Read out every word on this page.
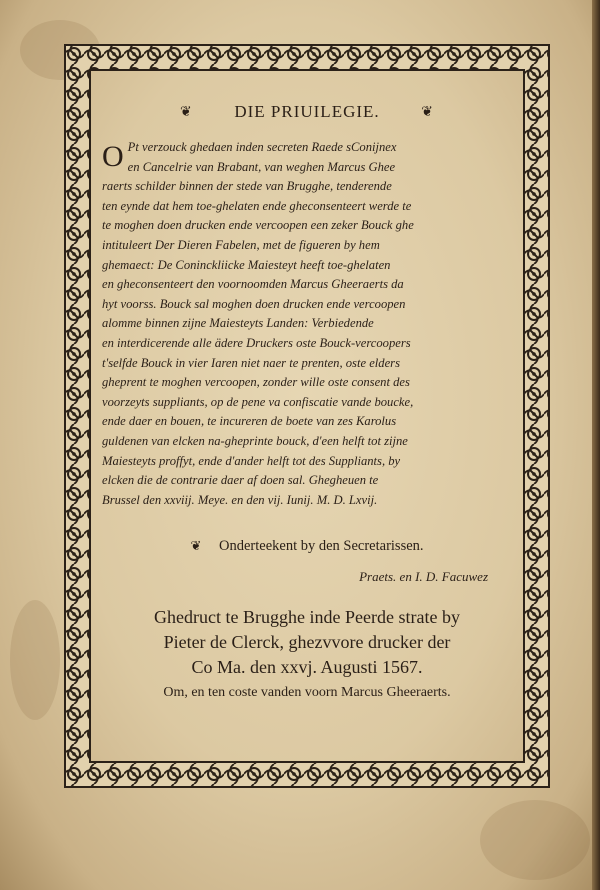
❦ DIE PRIUILEGIE.	❦
O Pt verzouck ghedaen inden secreten Raede sConijnex
en Cancelrie van Brabant, van weghen Marcus Ghee
raerts schilder binnen der stede van Brugghe, tenderende
ten eynde dat hem toe-ghelaten ende gheconsenteert werde te
te moghen doen drucken ende vercoopen een zeker Bouck ghe
intituleert Der Dieren Fabelen, met de figueren by hem
ghemaect: De Coninckliicke Maiesteyt heeft toe-ghelaten
en gheconsenteert den voornoomden Marcus Gheeraerts da
hyt voorss. Bouck sal moghen doen drucken ende vercoopen
alomme binnen zijne Maiesteyts Landen: Verbiedende
en interdicerende alle ädere Druckers oste Bouck-vercoopers
t'selfde Bouck in vier Iaren niet naer te prenten, oste elders
gheprent te moghen vercoopen, zonder wille oste consent des
voorzeyts suppliants, op de pene va confiscatie vande boucke,
ende daer en bouen, te incureren de boete van zes Karolus
guldenen van elcken na-gheprinte bouck, d'een helft tot zijne
Maiesteyts proffyt, ende d'ander helft tot des Suppliants, by
elcken die de contrarie daer af doen sal. Ghegheuen te
Brussel den xxviij. Meye. en den vij. Iunij. M. D. Lxvij.
❦ Onderteekent by den Secretarissen.
Praets. en I. D. Facuwez
Ghedruct te Brugghe inde Peerde strate by
Pieter de Clerck, ghezvvore drucker der
Co Ma. den xxvj. Augusti 1567.
Om, en ten coste vanden voorn Marcus Gheeraerts.
